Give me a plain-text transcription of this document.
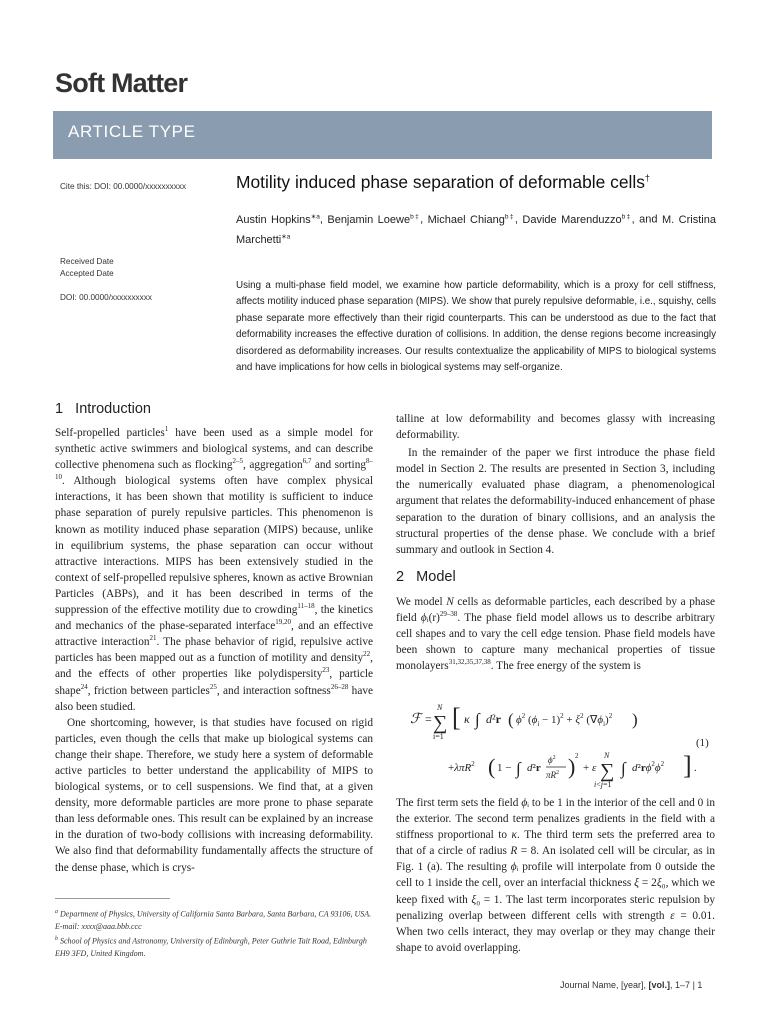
Soft Matter
ARTICLE TYPE
Cite this: DOI: 00.0000/xxxxxxxxxx
Received Date
Accepted Date
DOI: 00.0000/xxxxxxxxxx
Motility induced phase separation of deformable cells†
Austin Hopkins$^{∗a}$, Benjamin Loewe$^{b\ddagger}$, Michael Chiang$^{b\ddagger}$, Davide Marenduzzo$^{b\ddagger}$, and M. Cristina Marchetti$^{∗a}$
Using a multi-phase field model, we examine how particle deformability, which is a proxy for cell stiffness, affects motility induced phase separation (MIPS). We show that purely repulsive deformable, i.e., squishy, cells phase separate more effectively than their rigid counterparts. This can be understood as due to the fact that deformability increases the effective duration of collisions. In addition, the dense regions become increasingly disordered as deformability increases. Our results contextualize the applicability of MIPS to biological systems and have implications for how cells in biological systems may self-organize.
1 Introduction

Self-propelled particles$^1$ have been used as a simple model for synthetic active swimmers and biological systems, and can describe collective phenomena such as flocking$^{2-5}$, aggregation$^{6,7}$ and sorting$^{8-10}$. Although biological systems often have complex physical interactions, it has been shown that motility is sufficient to induce phase separation of purely repulsive particles. This phenomenon is known as motility induced phase separation (MIPS) because, unlike in equilibrium systems, the phase separation can occur without attractive interactions. MIPS has been extensively studied in the context of self-propelled repulsive spheres, known as active Brownian Particles (ABPs), and it has been described in terms of the suppression of the effective motility due to crowding$^{11-18}$, the kinetics and mechanics of the phase-separated interface$^{19,20}$, and an effective attractive interaction$^{21}$. The phase behavior of rigid, repulsive active particles has been mapped out as a function of motility and density$^{22}$, and the effects of other properties like polydispersity$^{23}$, particle shape$^{24}$, friction between particles$^{25}$, and interaction softness$^{26-28}$ have also been studied.

One shortcoming, however, is that studies have focused on rigid particles, even though the cells that make up biological systems can change their shape. Therefore, we study here a system of deformable active particles to better understand the applicability of MIPS to biological systems, or to cell suspensions. We find that, at a given density, more deformable particles are more prone to phase separate than less deformable ones. This result can be explained by an increase in the duration of two-body collisions with increasing deformability. We also find that deformability fundamentally affects the structure of the dense phase, which is crys-

talline at low deformability and becomes glassy with increasing deformability.

In the remainder of the paper we first introduce the phase field model in Section 2. The results are presented in Section 3, including the numerically evaluated phase diagram, a phenomenological argument that relates the deformability-induced enhancement of phase separation to the duration of binary collisions, and an analysis the structural properties of the dense phase. We conclude with a brief summary and outlook in Section 4.

2 Model

We model N cells as deformable particles, each described by a phase field $\phi ᵢ(r)^{29-38}$. The phase field model allows us to describe arbitrary cell shapes and to vary the cell edge tension. Phase field models have been shown to capture many mechanical properties of tissue monolayers$^{31,32,35,37,38}$. The free energy of the system is

ℱ =
N
∑
i=1
[ κ ∫ d²r ( $\phi^2$ $(\phi_i - 1)^2 + \xi^2$ $(\nabla\phi_i)^2$ )
+λπR$^2$ ( 1 − ∫ d²r
$\phi^2$
$\pi R^2$ ) 2
+ ε
N
∑
i<j=1
∫ $d^2r\phi^2\phi^2$ ] .
(1)

The first term sets the field ϕᵢ to be 1 in the interior of the cell and 0 in the exterior. The second term penalizes gradients in the field with a stiffness proportional to κ. The third term sets the preferred area to that of a circle of radius R = 8. An isolated cell will be circular, as in Fig. 1 (a). The resulting ϕᵢ profile will interpolate from 0 outside the cell to 1 inside the cell, over an interfacial thickness ξ = 2ξ₀, which we keep fixed with ξ₀ = 1. The last term incorporates steric repulsion by penalizing overlap between different cells with strength ε = 0.01. When two cells interact, they may overlap or they may change their shape to avoid overlapping.

$^a$ Department of Physics, University of California Santa Barbara, Santa Barbara, CA 93106, USA. E-mail: xxxx@aaa.bbb.ccc
$^b$ School of Physics and Astronomy, University of Edinburgh, Peter Guthrie Tait Road, Edinburgh EH9 3FD, United Kingdom.
Journal Name, [year], [vol.], 1–7 | 1
